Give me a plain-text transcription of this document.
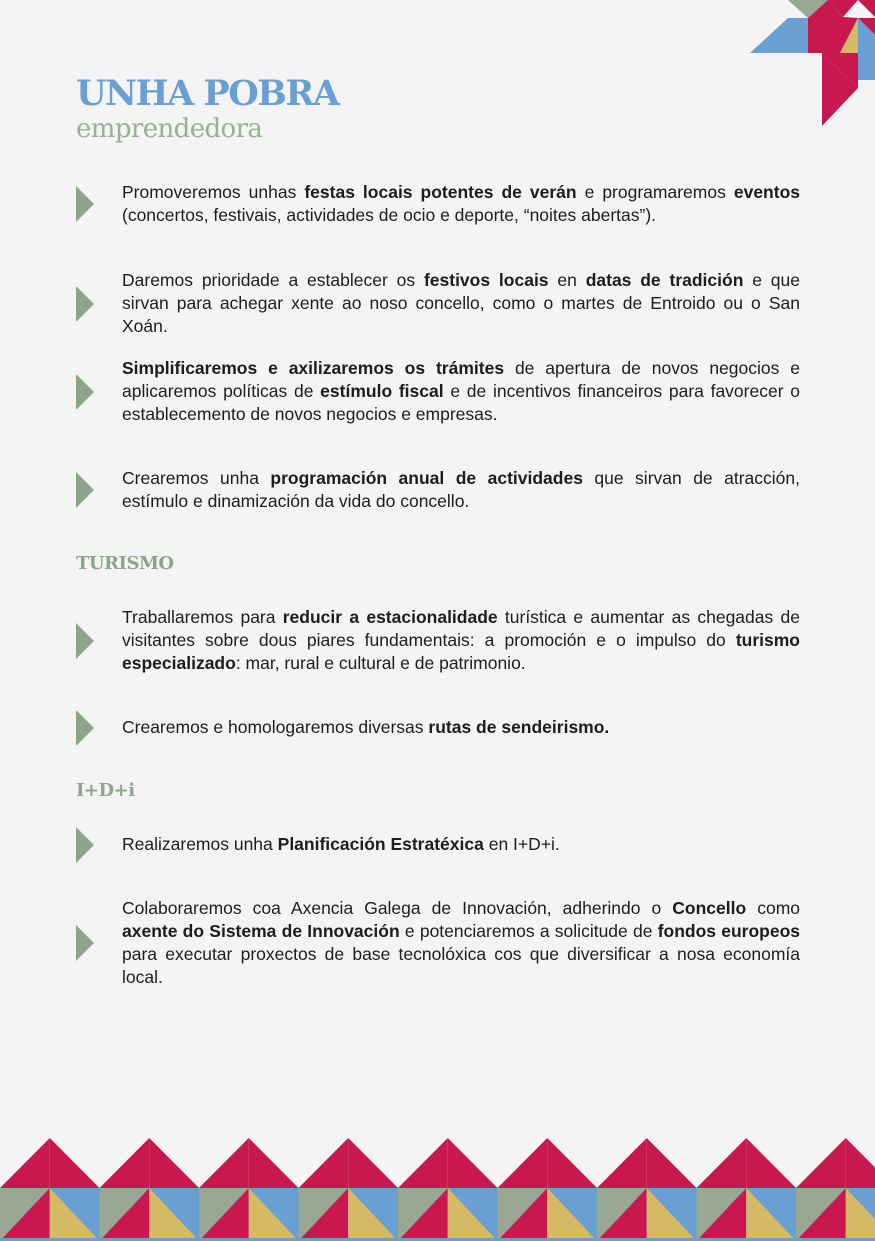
UNHA POBRA
emprendedora

Promoveremos unhas festas locais potentes de verán e programaremos eventos (concertos, festivais, actividades de ocio e deporte, “noites abertas”).

Daremos prioridade a establecer os festivos locais en datas de tradición e que sirvan para achegar xente ao noso concello, como o martes de Entroido ou o San Xoán.

Simplificaremos e axilizaremos os trámites de apertura de novos negocios e aplicaremos políticas de estímulo fiscal e de incentivos financeiros para favorecer o establecemento de novos negocios e empresas.

Crearemos unha programación anual de actividades que sirvan de atracción, estímulo e dinamización da vida do concello.

TURISMO

Traballaremos para reducir a estacionalidade turística e aumentar as chegadas de visitantes sobre dous piares fundamentais: a promoción e o impulso do turismo especializado: mar, rural e cultural e de patrimonio.

Crearemos e homologaremos diversas rutas de sendeirismo.

I+D+i

Realizaremos unha Planificación Estratéxica en I+D+i.

Colaboraremos coa Axencia Galega de Innovación, adherindo o Concello como axente do Sistema de Innovación e potenciaremos a solicitude de fondos europeos para executar proxectos de base tecnolóxica cos que diversificar a nosa economía local.
